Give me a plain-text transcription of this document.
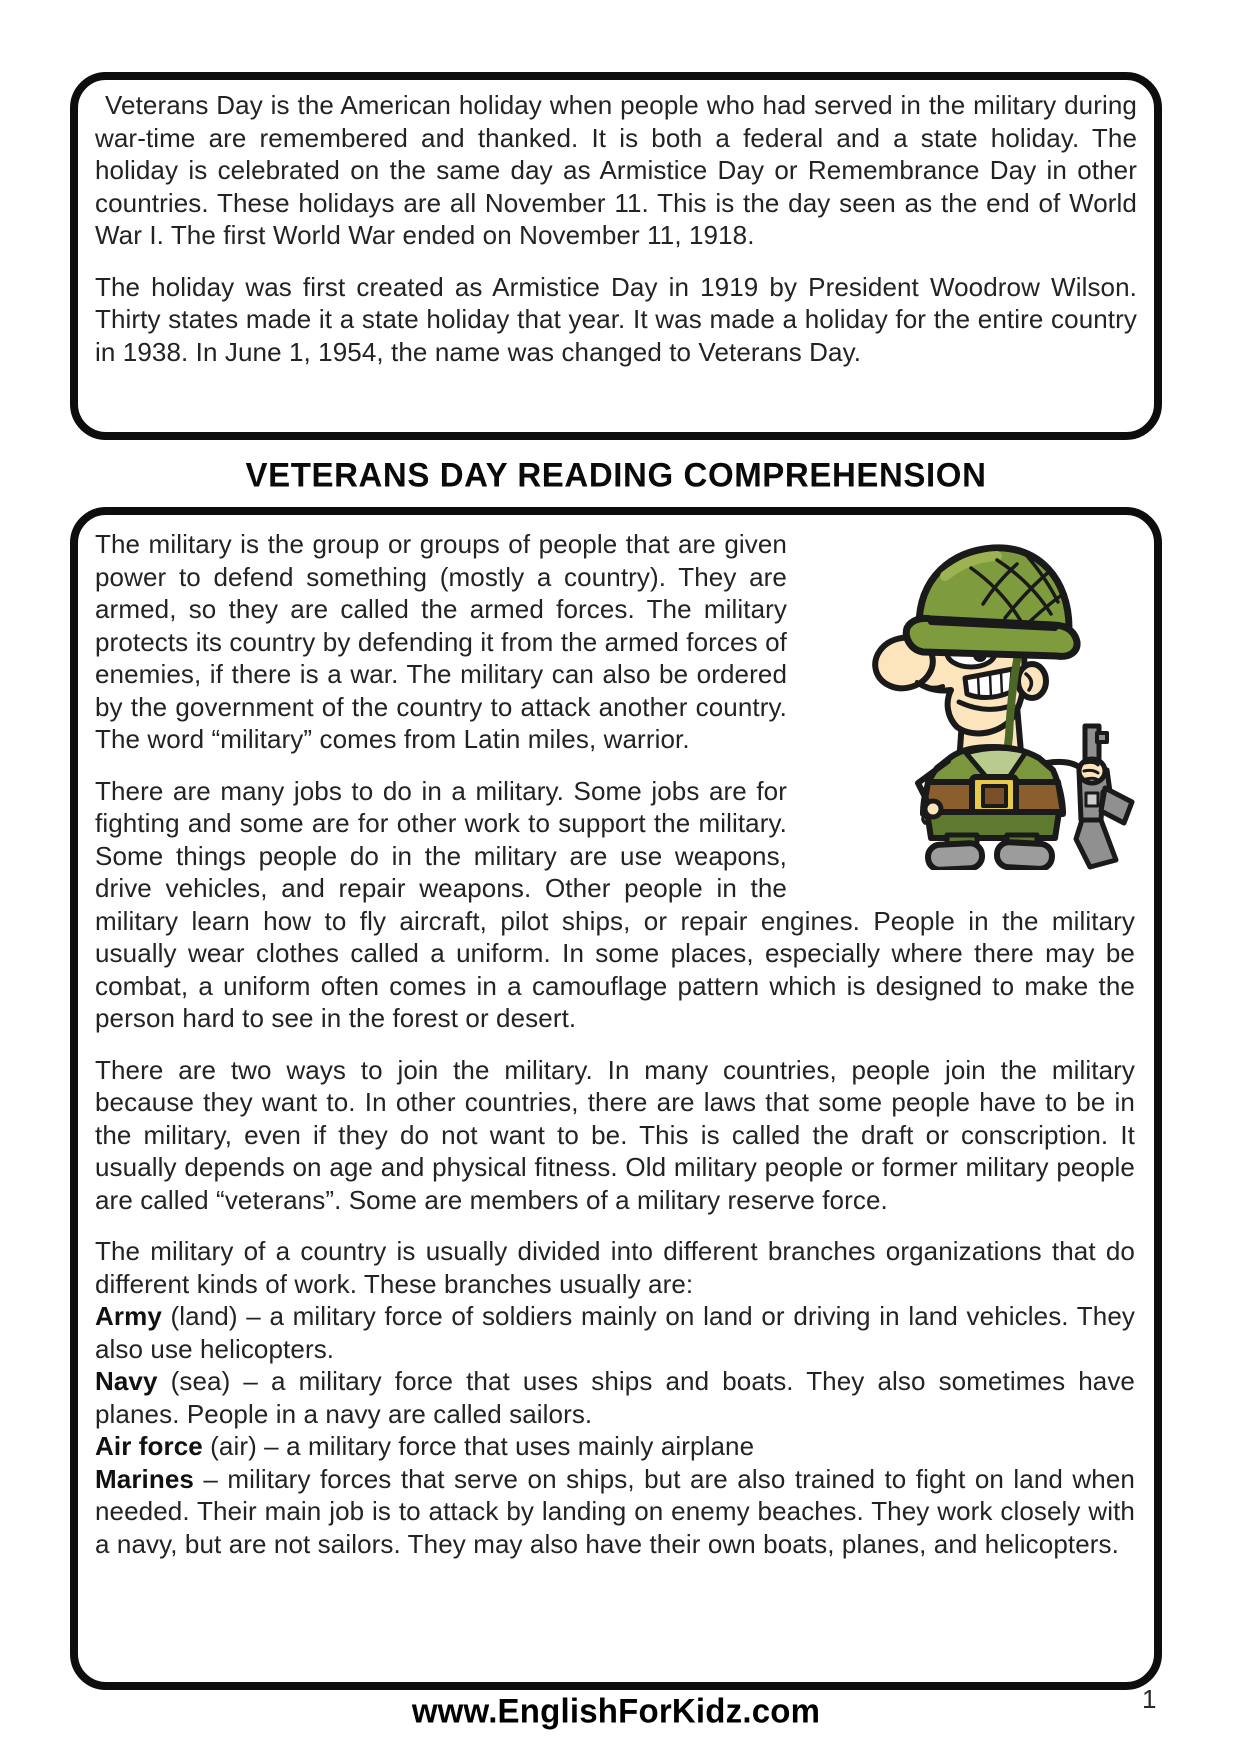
Veterans Day is the American holiday when people who had served in the military during war-time are remembered and thanked. It is both a federal and a state holiday. The holiday is celebrated on the same day as Armistice Day or Remembrance Day in other countries. These holidays are all November 11. This is the day seen as the end of World War I. The first World War ended on November 11, 1918.

The holiday was first created as Armistice Day in 1919 by President Woodrow Wilson. Thirty states made it a state holiday that year. It was made a holiday for the entire country in 1938. In June 1, 1954, the name was changed to Veterans Day.

VETERANS DAY READING COMPREHENSION

The military is the group or groups of people that are given power to defend something (mostly a country). They are armed, so they are called the armed forces. The military protects its country by defending it from the armed forces of enemies, if there is a war. The military can also be ordered by the government of the country to attack another country. The word “military” comes from Latin miles, warrior.

There are many jobs to do in a military. Some jobs are for fighting and some are for other work to support the military. Some things people do in the military are use weapons, drive vehicles, and repair weapons. Other people in the military learn how to fly aircraft, pilot ships, or repair engines. People in the military usually wear clothes called a uniform. In some places, especially where there may be combat, a uniform often comes in a camouflage pattern which is designed to make the person hard to see in the forest or desert.

There are two ways to join the military. In many countries, people join the military because they want to. In other countries, there are laws that some people have to be in the military, even if they do not want to be. This is called the draft or conscription. It usually depends on age and physical fitness. Old military people or former military people are called “veterans”. Some are members of a military reserve force.

The military of a country is usually divided into different branches organizations that do different kinds of work. These branches usually are:

Army (land) – a military force of soldiers mainly on land or driving in land vehicles. They also use helicopters.

Navy (sea) – a military force that uses ships and boats. They also sometimes have planes. People in a navy are called sailors.

Air force (air) – a military force that uses mainly airplane

Marines – military forces that serve on ships, but are also trained to fight on land when needed. Their main job is to attack by landing on enemy beaches. They work closely with a navy, but are not sailors. They may also have their own boats, planes, and helicopters.

www.EnglishForKidz.com	1
